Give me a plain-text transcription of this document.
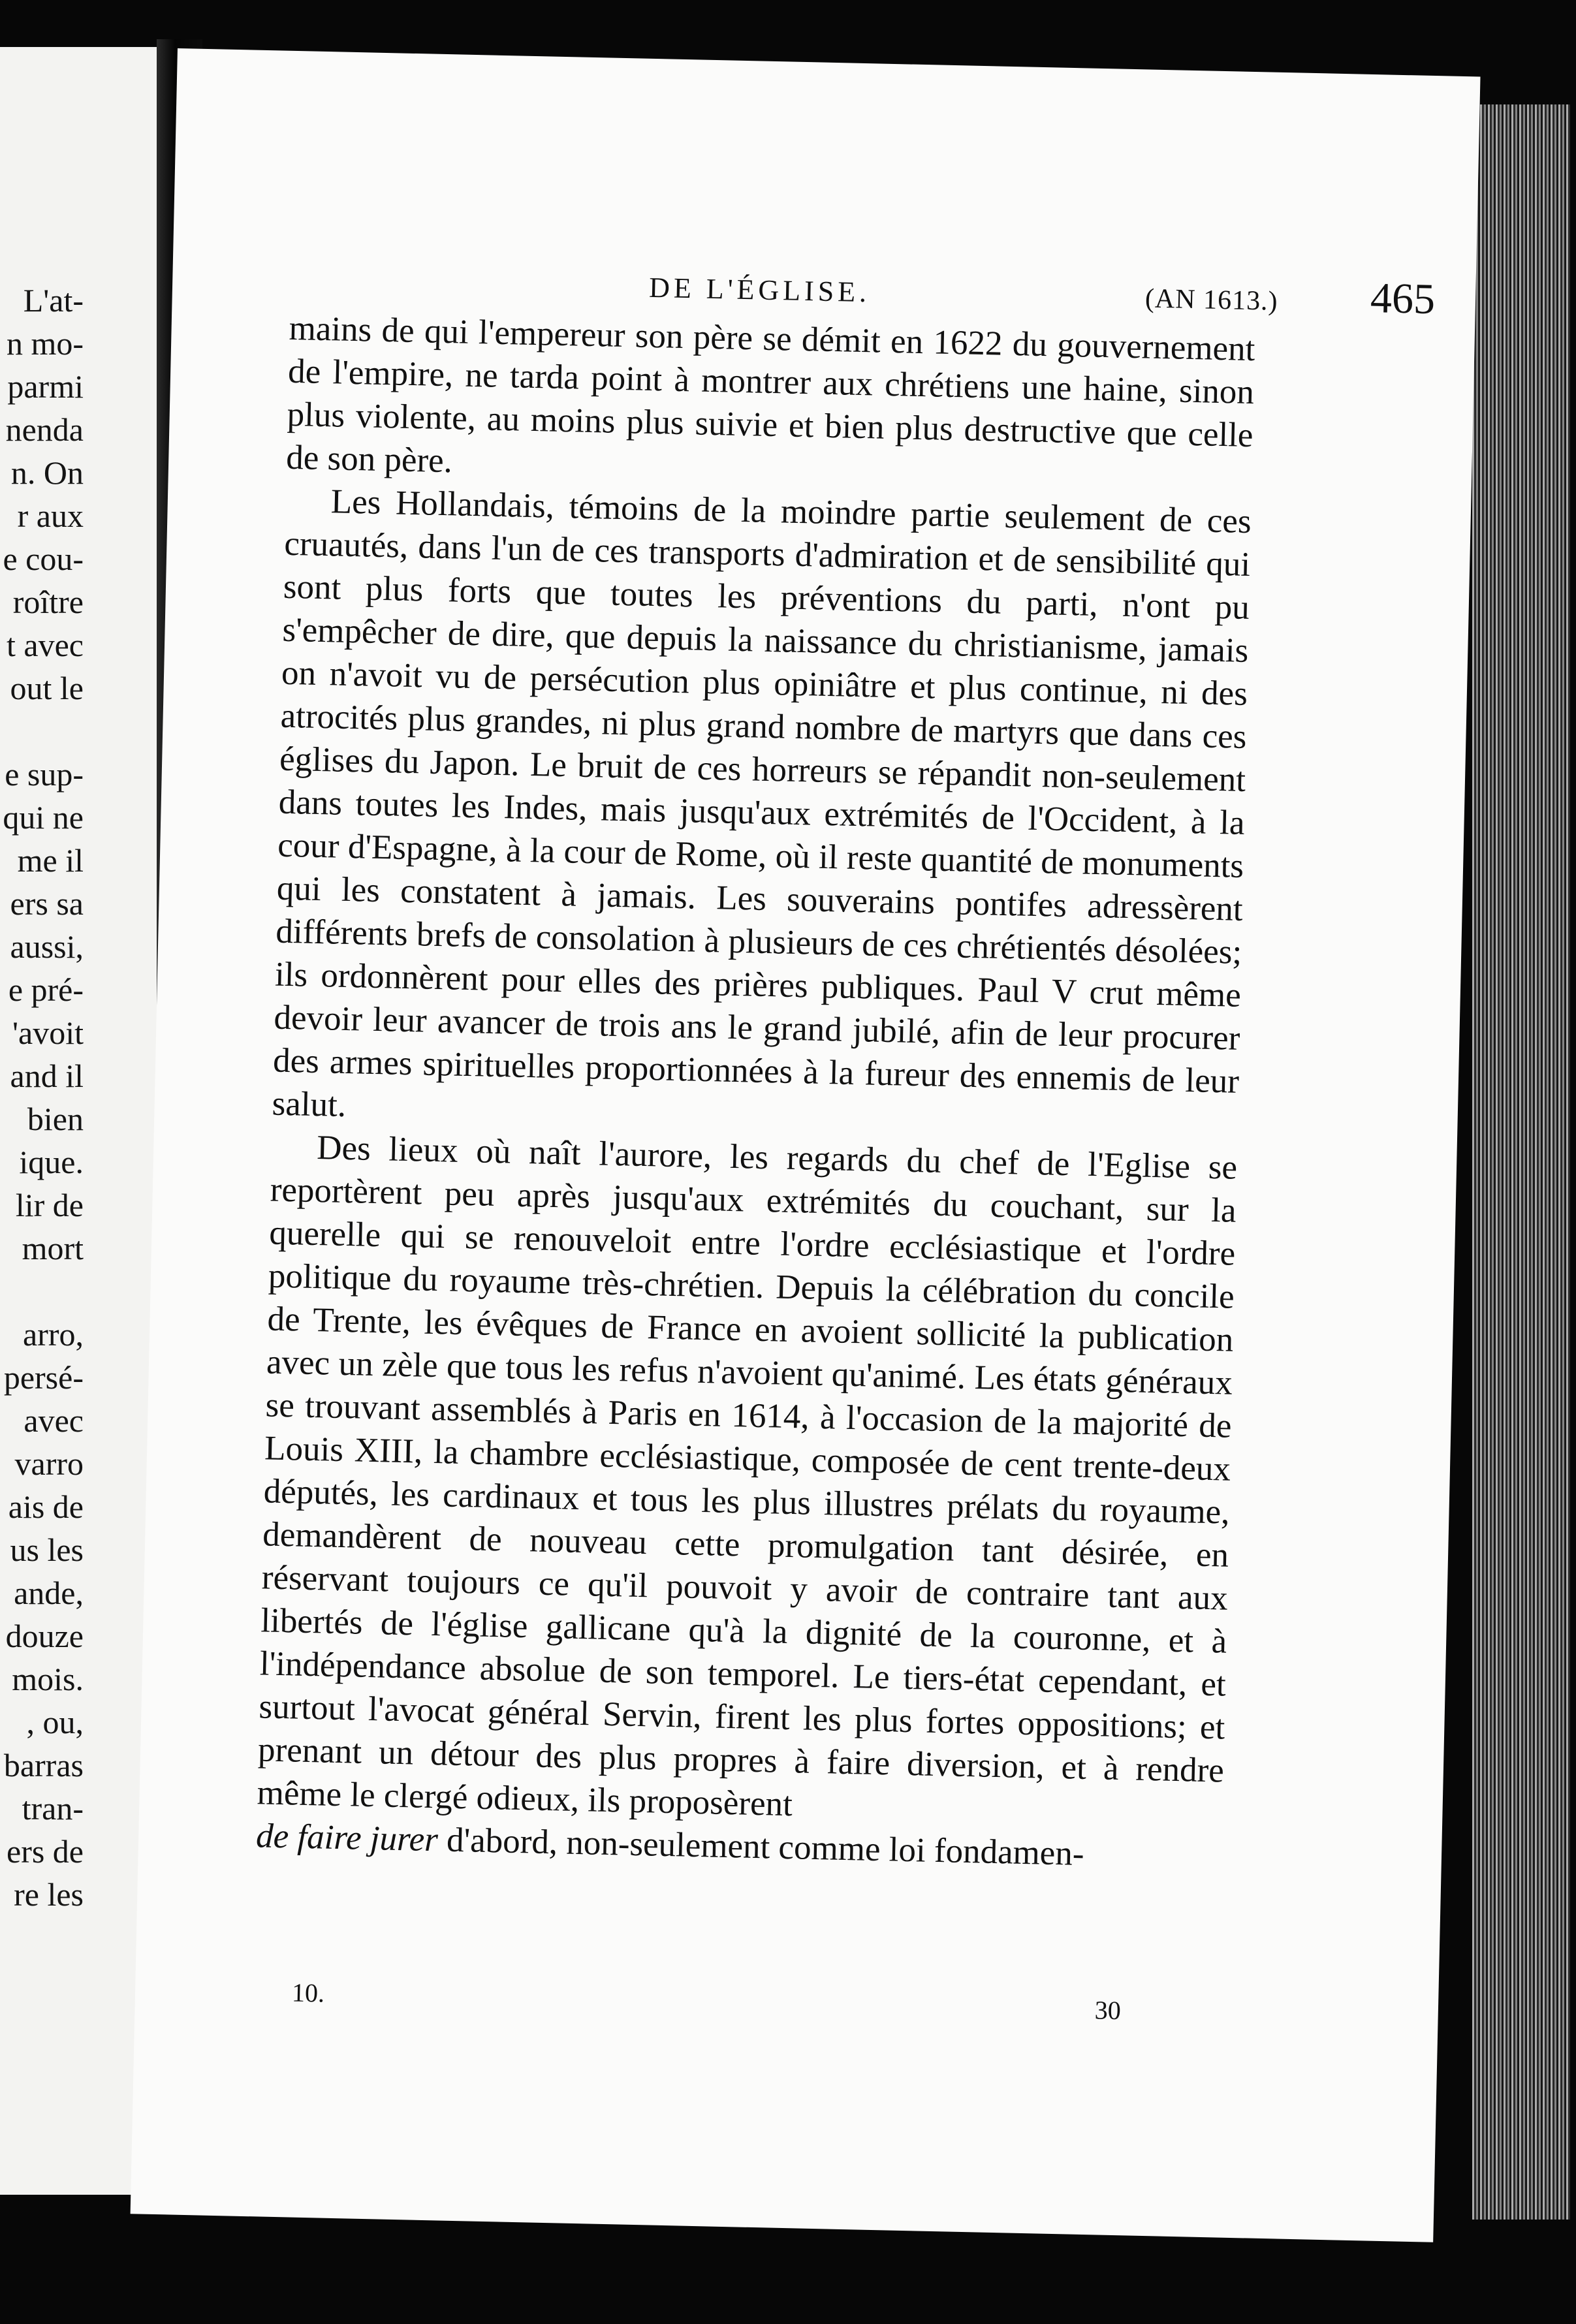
L'at-
n mo-
parmi
nenda
n. On
r aux
e cou-
roître
t avec
out le
e sup-
qui ne
me il
ers sa
aussi,
e pré-
'avoit
and il
bien
ique.
lir de
mort
arro,
persé-
avec
varro
ais de
us les
ande,
douze
mois.
, ou,
barras
tran-
ers de
re les
DE L'ÉGLISE.	(AN 1613.) 465

mains de qui l'empereur son père se démit en 1622 du gouvernement de l'empire, ne tarda point à montrer aux chrétiens une haine, sinon plus violente, au moins plus suivie et bien plus destructive que celle de son père.

Les Hollandais, témoins de la moindre partie seulement de ces cruautés, dans l'un de ces transports d'admiration et de sensibilité qui sont plus forts que toutes les préventions du parti, n'ont pu s'empêcher de dire, que depuis la naissance du christianisme, jamais on n'avoit vu de persécution plus opiniâtre et plus continue, ni des atrocités plus grandes, ni plus grand nombre de martyrs que dans ces églises du Japon. Le bruit de ces horreurs se répandit non-seulement dans toutes les Indes, mais jusqu'aux extrémités de l'Occident, à la cour d'Espagne, à la cour de Rome, où il reste quantité de monuments qui les constatent à jamais. Les souverains pontifes adressèrent différents brefs de consolation à plusieurs de ces chrétientés désolées; ils ordonnèrent pour elles des prières publiques. Paul V crut même devoir leur avancer de trois ans le grand jubilé, afin de leur procurer des armes spirituelles proportionnées à la fureur des ennemis de leur salut.

Des lieux où naît l'aurore, les regards du chef de l'Eglise se reportèrent peu après jusqu'aux extrémités du couchant, sur la querelle qui se renouveloit entre l'ordre ecclésiastique et l'ordre politique du royaume très-chrétien. Depuis la célébration du concile de Trente, les évêques de France en avoient sollicité la publication avec un zèle que tous les refus n'avoient qu'animé. Les états généraux se trouvant assemblés à Paris en 1614, à l'occasion de la majorité de Louis XIII, la chambre ecclésiastique, composée de cent trente-deux députés, les cardinaux et tous les plus illustres prélats du royaume, demandèrent de nouveau cette promulgation tant désirée, en réservant toujours ce qu'il pouvoit y avoir de contraire tant aux libertés de l'église gallicane qu'à la dignité de la couronne, et à l'indépendance absolue de son temporel. Le tiers-état cependant, et surtout l'avocat général Servin, firent les plus fortes oppositions; et prenant un détour des plus propres à faire diversion, et à rendre même le clergé odieux, ils proposèrent

de faire jurer d'abord, non-seulement comme loi fondamen-

10.
30
